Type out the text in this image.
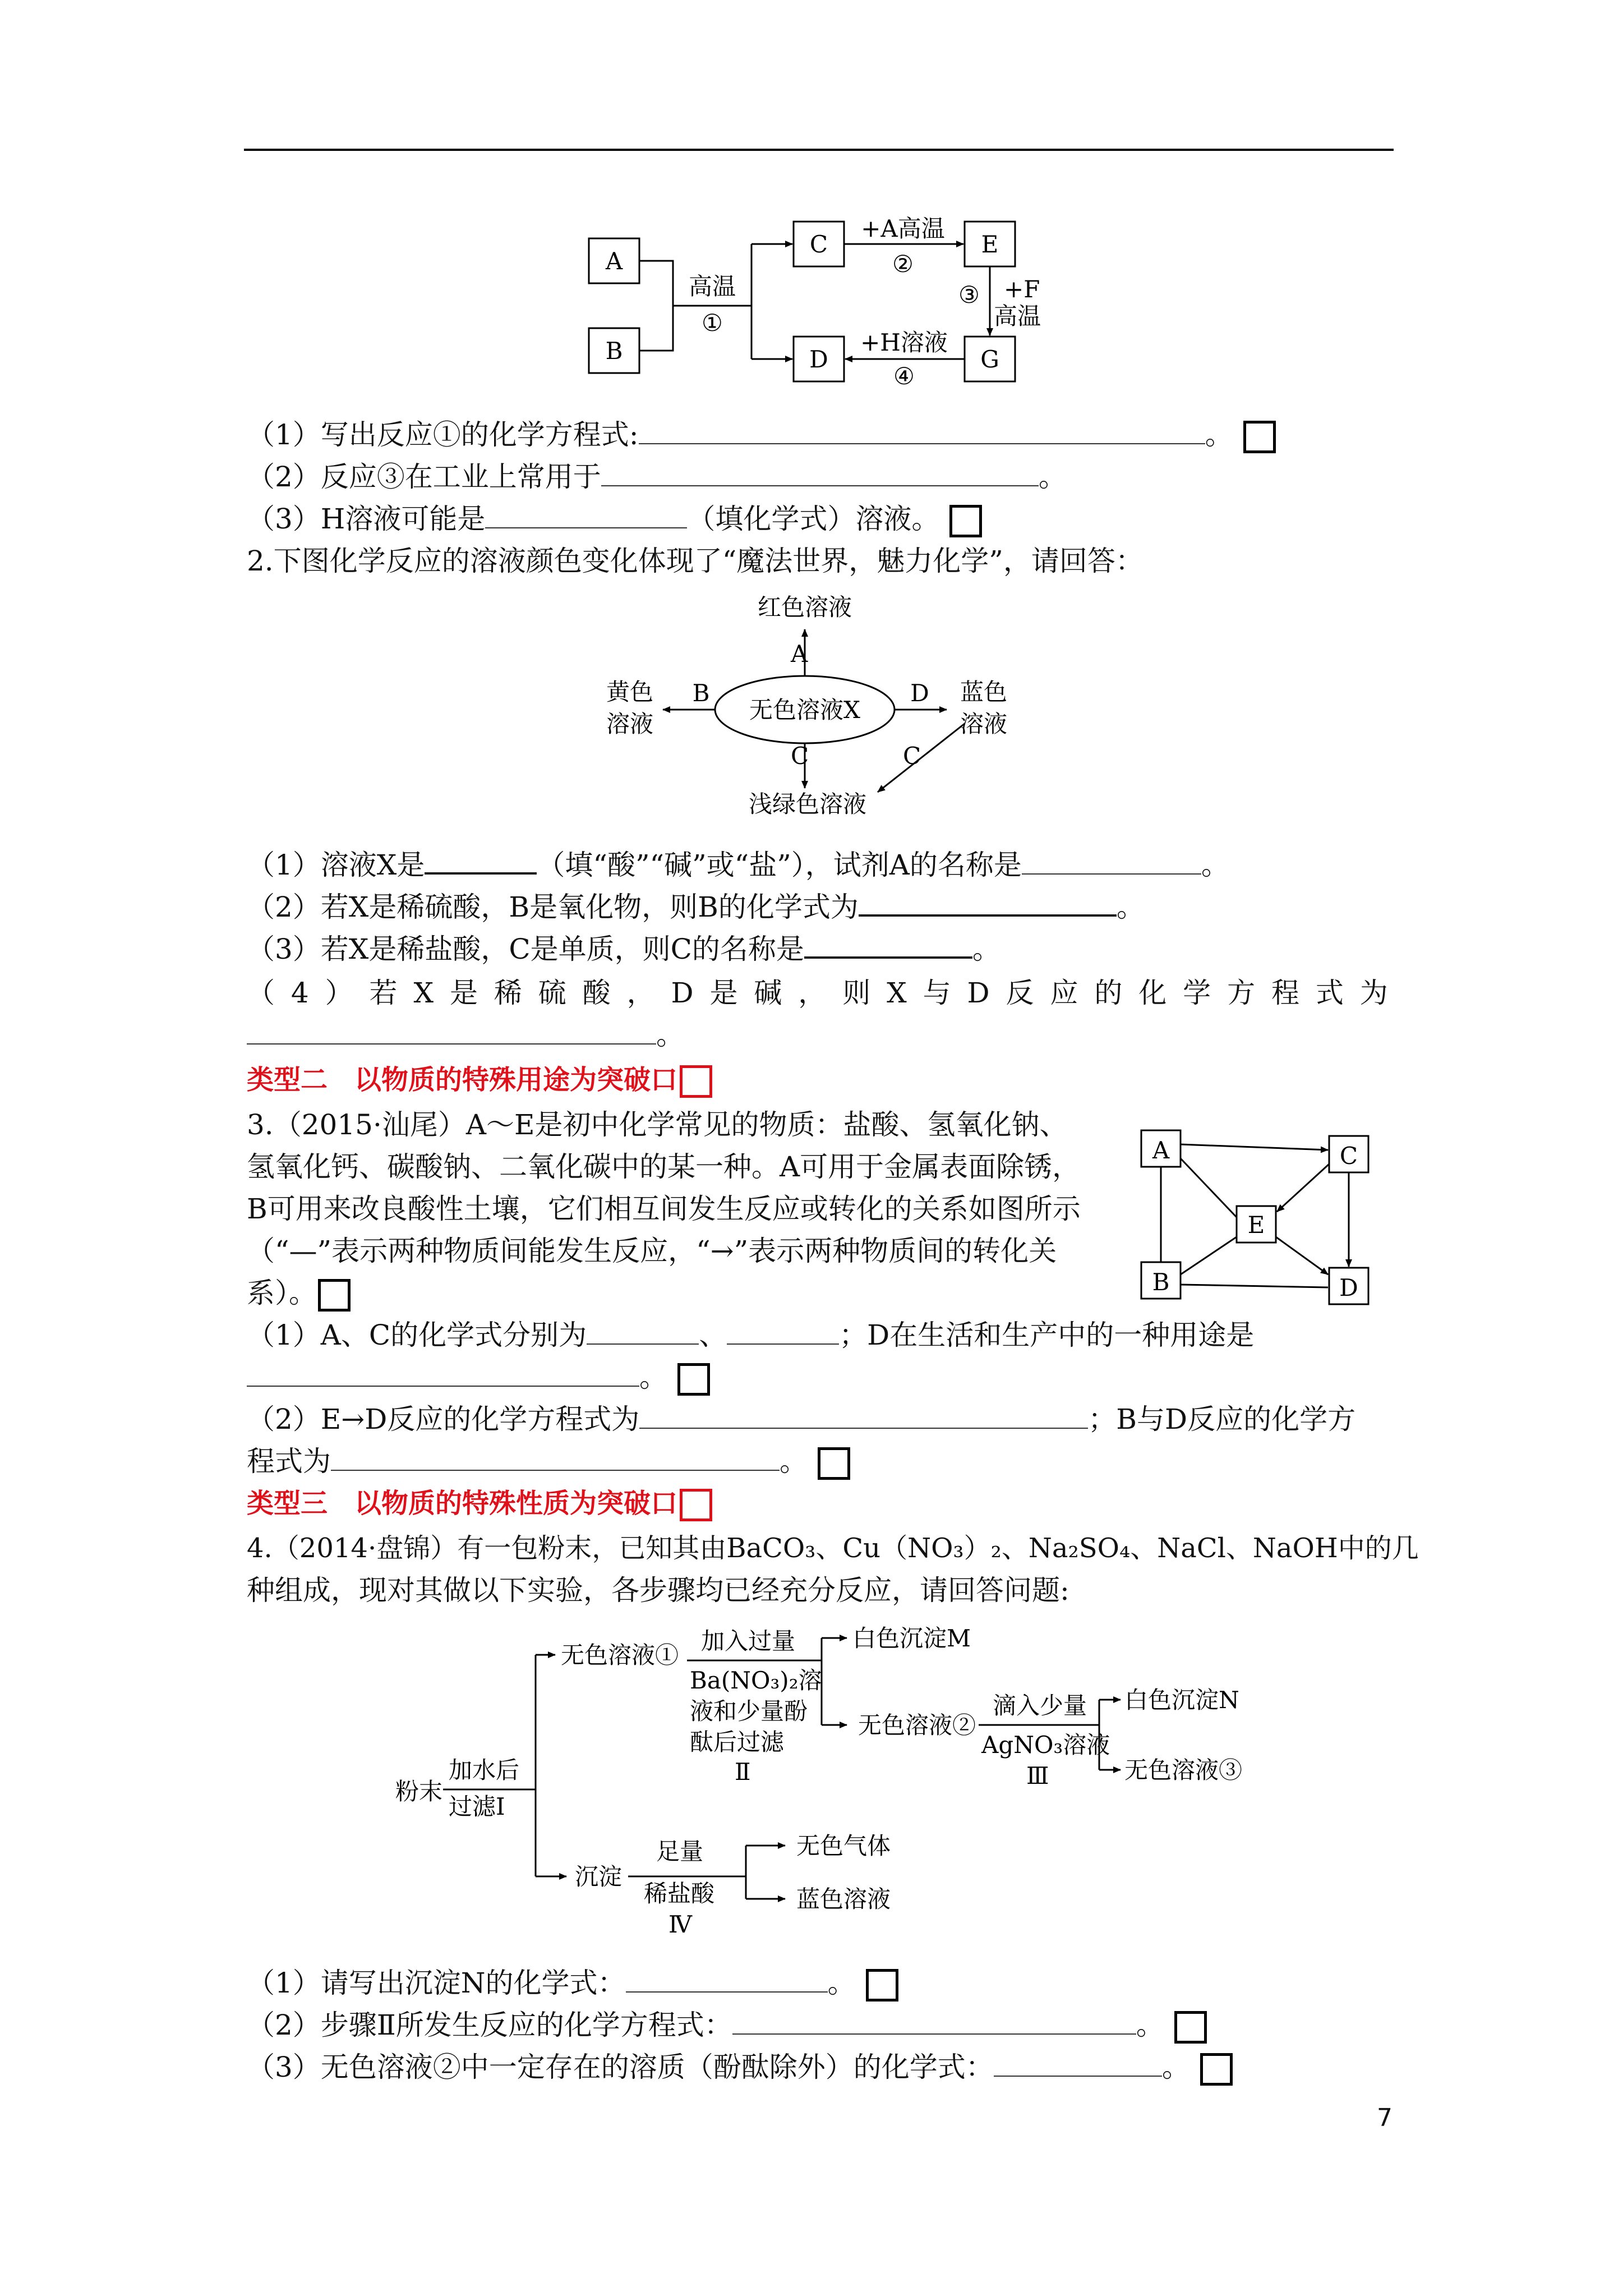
A
B
C	E
D	G
高温
①
+A高温
②
③ +F
高温
+H溶液
④
（1）写出反应①的化学方程式:	。
（2）反应③在工业上常用于	。
（3）H溶液可能是	（填化学式）溶液。
2.下图化学反应的溶液颜色变化体现了“魔法世界，魅力化学”，请回答：
无色溶液X
红色溶液
A
黄色
溶液
B	D 蓝色
溶液
C	C
浅绿色溶液
（1）溶液X是	（填“酸”“碱”或“盐”），试剂A的名称是	。
（2）若X是稀硫酸，B是氧化物，则B的化学式为	。
（3）若X是稀盐酸，C是单质，则C的名称是	。
（ 4 ） 若 X 是 稀 硫 酸 ， D 是 碱 ， 则 X 与 D 反 应 的 化 学 方 程 式 为
。
类型二　以物质的特殊用途为突破口
3.（2015·汕尾）A～E是初中化学常见的物质：盐酸、氢氧化钠、
氢氧化钙、碳酸钠、二氧化碳中的某一种。A可用于金属表面除锈，
B可用来改良酸性土壤，它们相互间发生反应或转化的关系如图所示
（“—”表示两种物质间能发生反应，“→”表示两种物质间的转化关
系）。
A	C
E
B	D
（1）A、C的化学式分别为	、	；D在生活和生产中的一种用途是
。
（2）E→D反应的化学方程式为	；B与D反应的化学方
程式为	。
类型三　以物质的特殊性质为突破口
4.（2014·盘锦）有一包粉末，已知其由BaCO₃、Cu（NO₃）₂、Na₂SO₄、NaCl、NaOH中的几
种组成，现对其做以下实验，各步骤均已经充分反应，请回答问题:
粉末
加水后
过滤Ⅰ
无色溶液①
加入过量
Ba(NO₃)₂溶
液和少量酚
酞后过滤
Ⅱ
白色沉淀M
无色溶液②
滴入少量
AgNO₃溶液
Ⅲ
白色沉淀N
无色溶液③
沉淀
足量
稀盐酸
Ⅳ
无色气体
蓝色溶液
（1）请写出沉淀N的化学式：	。
（2）步骤Ⅱ所发生反应的化学方程式：	。
（3）无色溶液②中一定存在的溶质（酚酞除外）的化学式：	。
7
